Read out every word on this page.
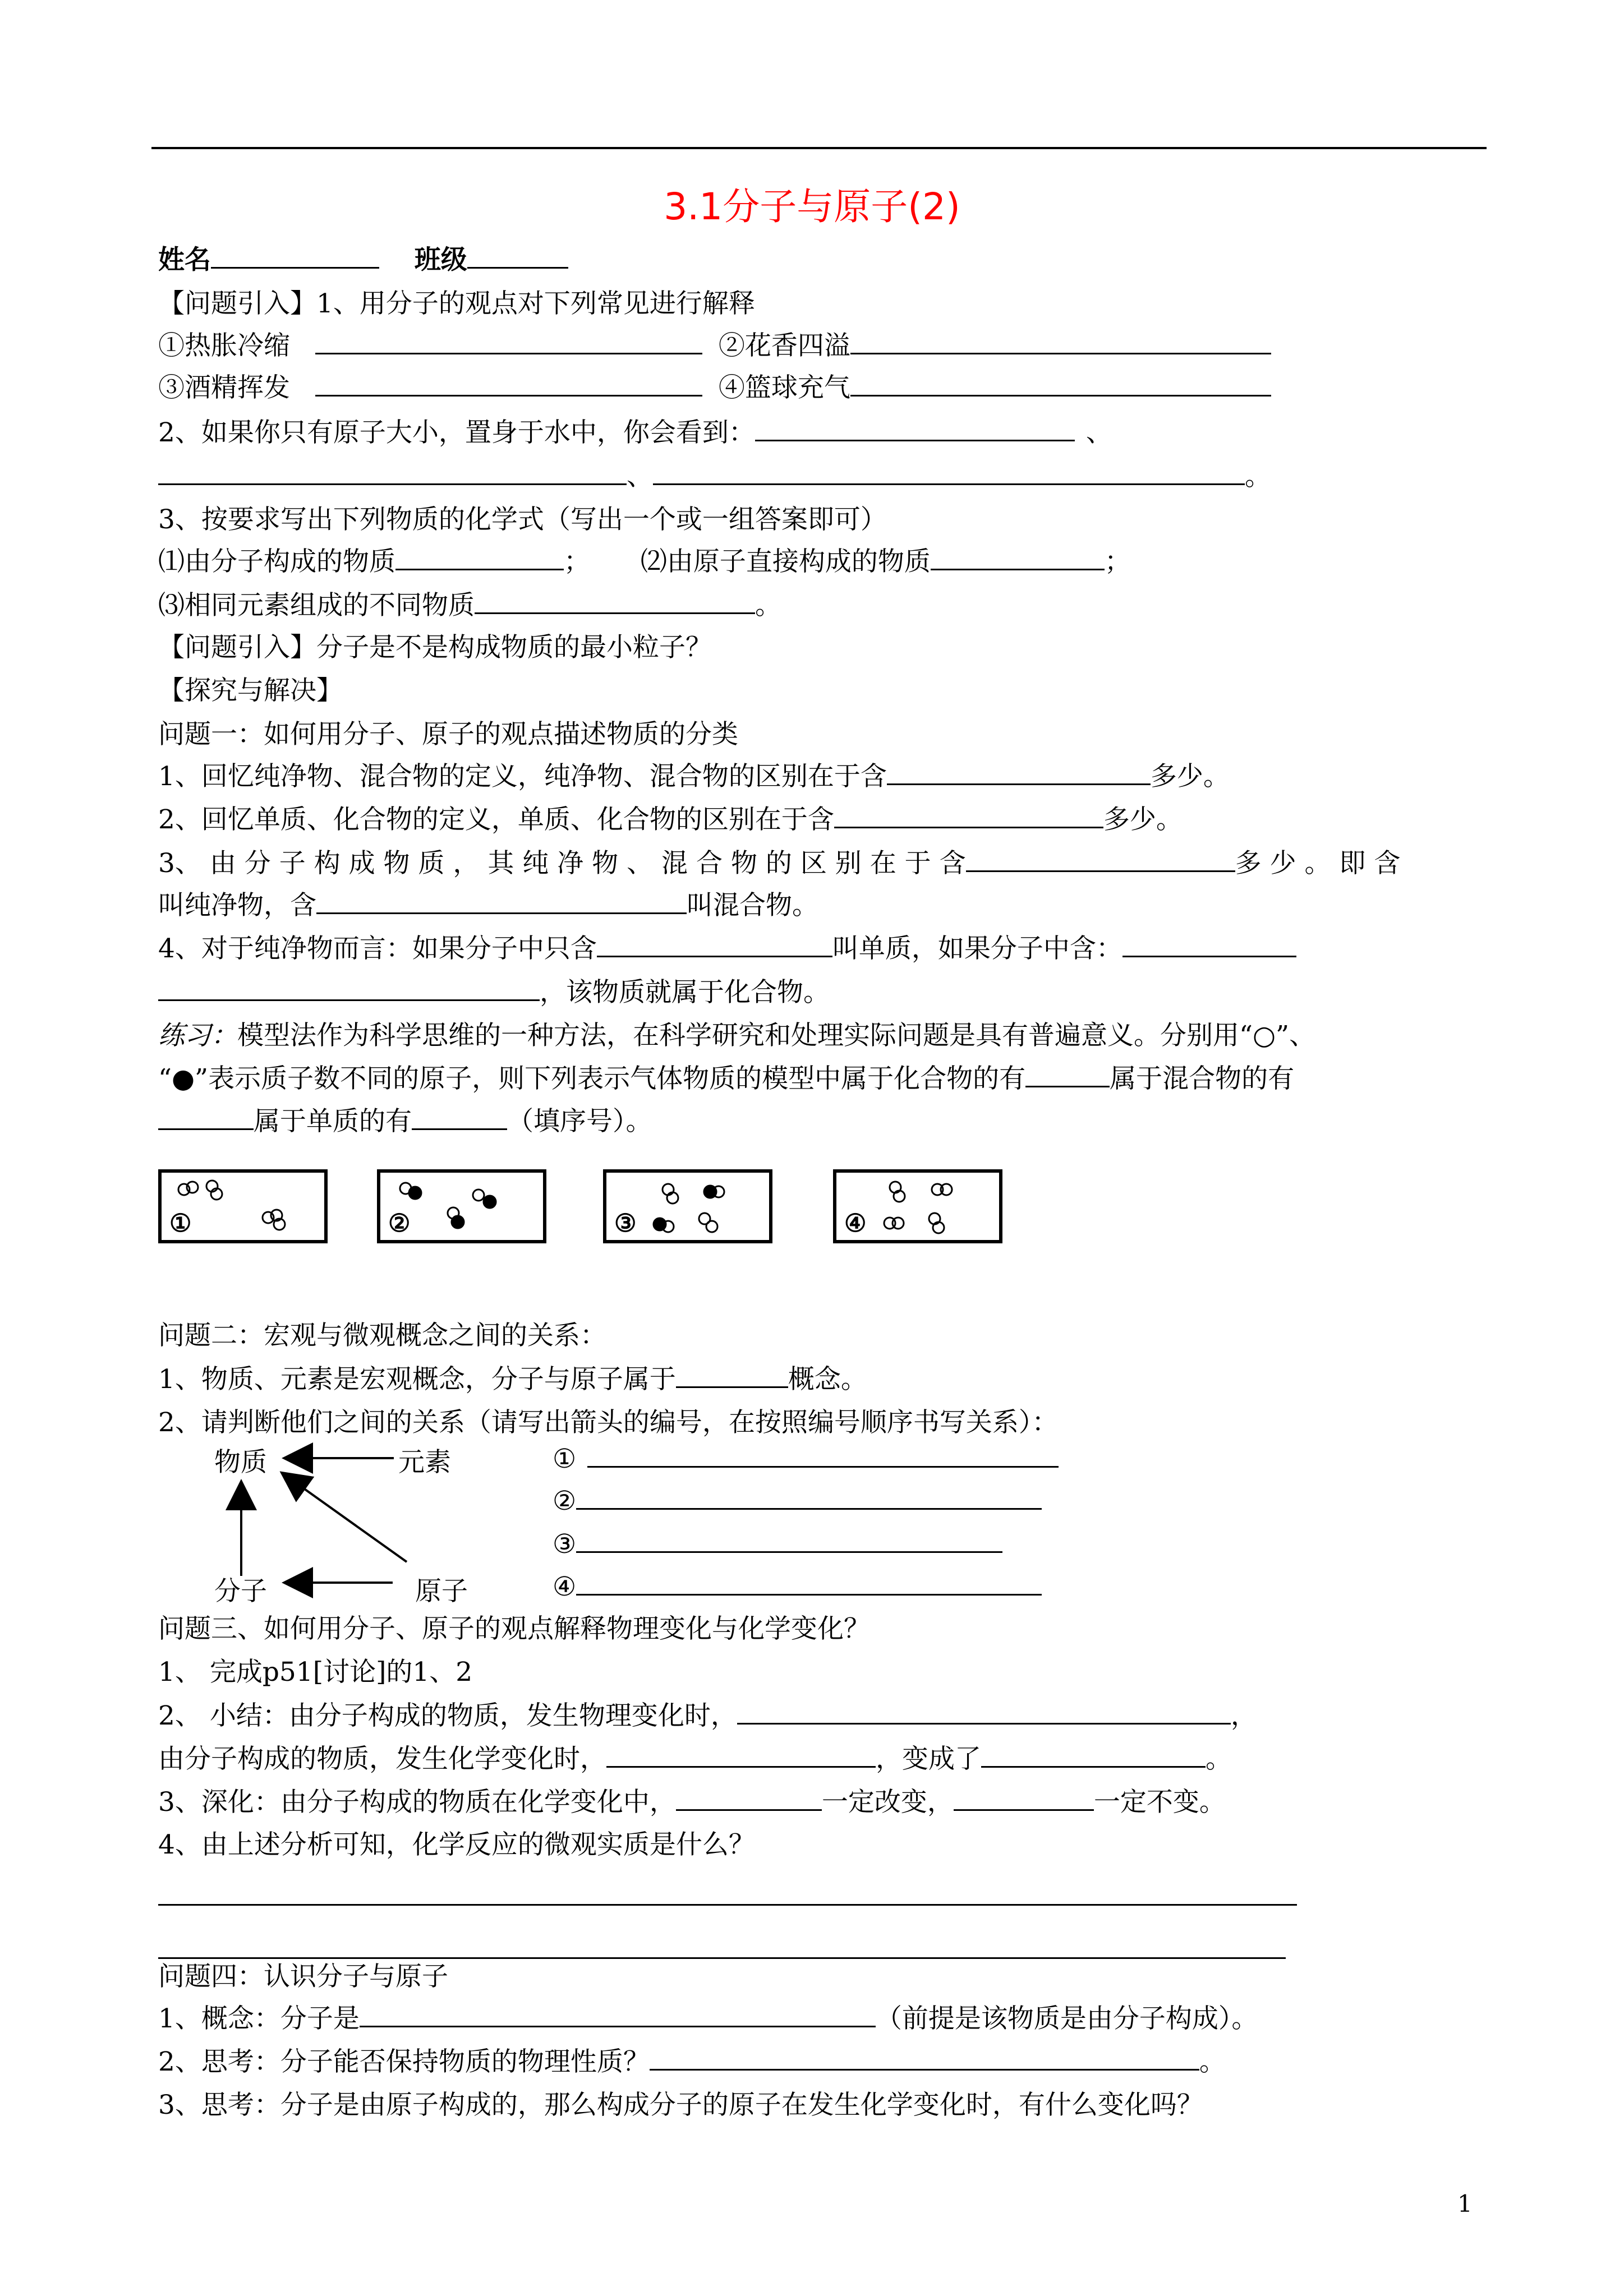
3.1分子与原子(2)
姓名	班级
【问题引入】1、用分子的观点对下列常见进行解释
①热胀冷缩	②花香四溢
③酒精挥发	④篮球充气
2、如果你只有原子大小，置身于水中，你会看到：	、
、	。
3、按要求写出下列物质的化学式（写出一个或一组答案即可）
⑴由分子构成的物质	； ⑵由原子直接构成的物质	；
⑶相同元素组成的不同物质	。
【问题引入】分子是不是构成物质的最小粒子？
【探究与解决】
问题一：如何用分子、原子的观点描述物质的分类
1、回忆纯净物、混合物的定义，纯净物、混合物的区别在于含	多少。
2、回忆单质、化合物的定义，单质、化合物的区别在于含	多少。
3、 由 分 子 构 成 物 质 ， 其 纯 净 物 、 混 合 物 的 区 别 在 于 含	多 少 。 即 含
叫纯净物，含	叫混合物。
4、对于纯净物而言：如果分子中只含	叫单质，如果分子中含：
，该物质就属于化合物。
练习：模型法作为科学思维的一种方法，在科学研究和处理实际问题是具有普遍意义。分别用“○”、
“●”表示质子数不同的原子，则下列表示气体物质的模型中属于化合物的有	属于混合物的有
属于单质的有	（填序号）。
①	②	③	④
问题二：宏观与微观概念之间的关系：
1、物质、元素是宏观概念，分子与原子属于	概念。
2、请判断他们之间的关系（请写出箭头的编号，在按照编号顺序书写关系）：
物质	元素
分子	原子
①
②
③
④
问题三、如何用分子、原子的观点解释物理变化与化学变化？
1、 完成p51[讨论]的1、2
2、 小结：由分子构成的物质，发生物理变化时，	，
由分子构成的物质，发生化学变化时，	，变成了	。
3、深化：由分子构成的物质在化学变化中，	一定改变，	一定不变。
4、由上述分析可知，化学反应的微观实质是什么？
问题四：认识分子与原子
1、概念：分子是	（前提是该物质是由分子构成）。
2、思考：分子能否保持物质的物理性质？	。
3、思考：分子是由原子构成的，那么构成分子的原子在发生化学变化时，有什么变化吗？
1
